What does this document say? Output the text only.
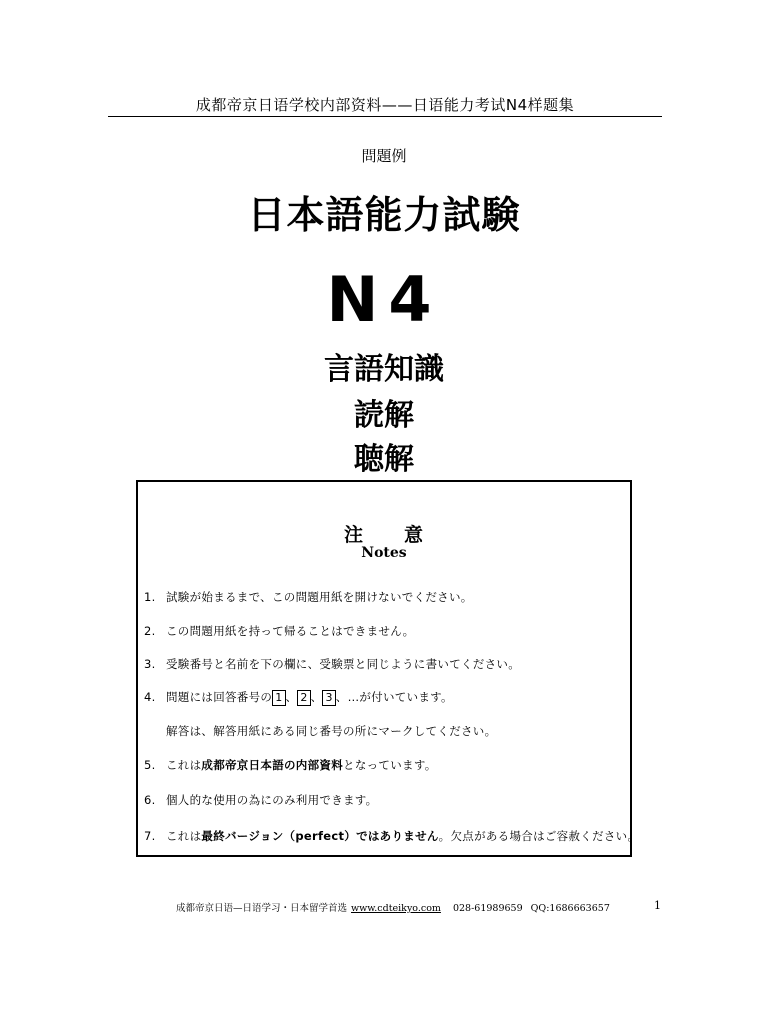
成都帝京日语学校内部资料——日语能力考试N4样题集
問題例
日本語能力試験
N4
言語知識
読解
聴解
注 意
Notes
1. 試験が始まるまで、この問題用紙を開けないでください。
2. この問題用紙を持って帰ることはできません。
3. 受験番号と名前を下の欄に、受験票と同じように書いてください。
4. 問題には回答番号の 1 、 2 、 3 、…が付いています。
解答は、解答用紙にある同じ番号の所にマークしてください。
5. これは成都帝京日本語の内部資料となっています。
6. 個人的な使用の為にのみ利用できます。
7. これは最終バージョン（perfect）ではありません。欠点がある場合はご容赦ください。
成都帝京日语—日语学习・日本留学首选 www.cdteikyo.com 028-61989659 QQ:1686663657	1
